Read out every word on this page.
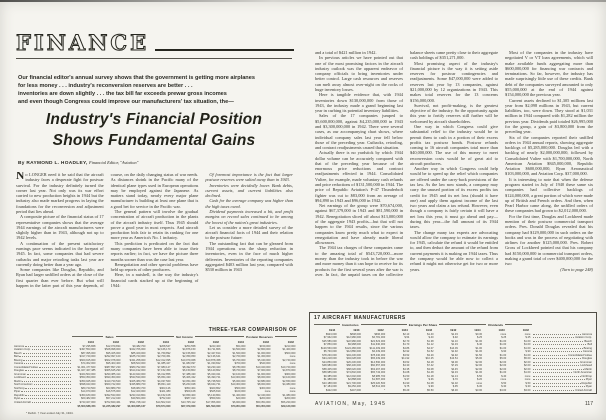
FINANCE
Our financial editor's annual survey shows that the government is getting more airplanes
for less money . . . industry's reconversion reserves are better . . .
inventories are down slightly . . . the tax bill far exceeds prewar gross incomes
and even though Congress could improve our manufacturers' tax situation, the—
Industry's Financial Position
Shows Fundamental Gains
By RAYMOND L. HOADLEY, Financial Editor, "Aviation"

No LONGER need it be said that the aircraft industry faces a desperate fight for postwar survival. For the industry definitely turned the corner last year. Not only was its war effort carried to new production heights in 1944 but the industry also made marked progress in laying the foundations for the reconversion and adjustment period that lies ahead.

A composite picture of the financial status of 17 representative companies shows that the average 1944 earnings of the aircraft manufacturers were slightly higher than in 1943, although not up to 1942 levels.

A continuation of the present satisfactory earnings pace seems indicated in the forepart of 1945. In fact, some companies that had severe cutbacks and major retooling tasks last year are currently doing better than a year ago.

Some companies like Douglas, Republic, and Ryan had larger unfilled orders at the close of the first quarter than ever before. But what will happen in the latter part of this year depends, of course, on the daily changing status of war needs. As distances shrink in the Pacific many of the identical plane types used in European operations may be employed against the Japanese. As matters stand today, nearly every major plane manufacturer is building at least one plane that is a good bet for service in the Pacific war.

The general pattern will involve the gradual concentration of aircraft production in the plants of the aircraft industry itself. Thus 1945 should prove a good year in most respects. And aircraft production bids fair to retain its ranking for one more year as America's No. 1 industry.

This prediction is predicated on the fact that many companies have been able to issue their reports earlier; in fact, we have the picture three months sooner than was the case last year.

Renegotiation and other special problems have held up reports of other producers.

Here, in a nutshell, is the way the industry's financial cards stacked up at the beginning of 1944:

Of foremost importance is the fact that larger postwar reserves were salted away than in 1943.

Inventories were decidedly lower. Bank debts, current assets, and current liabilities also declined.

Cash for the average company was higher than the high taxes owed.

Dividend payments increased a bit, and profit margins on record sales continued to be among the lowest of the nation's great industries.

Let us consider a more detailed survey of the aircraft financial facts of 1944 and their relation to the postwar future:

The outstanding fact that can be gleaned from 1944 operations was the sharp reduction in inventories, even in the face of much higher deliveries. Inventories of the reporting companies aggregated $403 million last year, compared with $530 million in 1943

THREE-YEAR COMPARISON OF
Sales	Net Income	Postwar Reserves
1944	1943	1942	1944	1943	1942	1944	1943	1942
Aeronca	$7,295,868	$12,079,834	$9,482,700	$268,547	$254,558	$243,400	$54,000	$159,000	$213,000
Aviation Corp.	$497,553,000	$528,998,000	$342,766,000	$2,166,170	$4,876,150	$4,711,806	$4,500,000	$2,800,000	$1,400,000
Beech	$87,395,000	$95,325,000	$85,329,000	$1,769,892	$2,156,800	$2,427,814	$1,500,000	$1,000,000	$500,000
Bell	$317,740,000	$292,997,100	$185,743,000	$2,709,451	$2,359,050	$2,136,641	$2,700,000	$1,300,000	none
Boeing	$600,915,000	$602,078,000	$431,258,000	$12,312,095	$10,079,068	$10,878,458	$6,700,000	$5,340,000	$2,740,000
Cessna	$74,362,000	$95,403,400	$68,523,000	$1,085,427	$1,083,097	$1,330,822	$700,000	$540,000	none
Consolidated Vultee	$1,061,477,600	$987,897,230	$680,792,000	$7,980,127	$8,492,673	$9,230,420	$8,780,000	$10,340,000	$10,740,000
Douglas	$1,027,407,485	$965,645,290	$614,192,000	$7,152,459	$6,150,803	$8,120,802	$8,700,000	$7,900,000	$4,870,000
Grumman	$324,503,000	$290,385,414	$143,943,000	$6,312,856	$7,488,430	$5,320,321	$3,100,000	$1,900,000	$960,000
Lockheed	$553,350,000	$690,450,000	$533,530,000	$5,954,430	$5,406,432	$6,490,721	$13,000,000	$8,000,000	$3,100,000
Martin	$350,945,000	$410,730,520	$325,389,750	$4,037,560	$3,054,450	$5,748,500	$5,000,000	$3,880,000	$2,650,000
North American	$698,043,000	$660,742,000	$435,889,700	$5,801,119	$5,263,028	$8,044,731	$10,300,000	$8,000,000	$4,380,000
Northrop	$80,743,500	$63,889,750	$38,083,700	$903,126	$953,404	$920,802	$500,000	$300,000	none
Piper	$14,970,000	$16,575,000	$12,320,000	$421,380	$509,108	$525,819	$100,000	none	none
Republic	$450,180,000	$392,533,000	$233,310,804	$4,152,108	$3,959,400	$5,130,804	$1,400,000	$2,340,000	$1,380,000
Ryan	$60,482,000	$57,212,040	$39,564,000	$752,040	$687,310	$559,664	$20,000	$200,000	$200,000
United Aircraft	$743,327,000	$702,840,461	$591,748,413	$14,502,910	$13,705,112	$17,056,000	$6,900,000	$50,354,000	$56,230,000
$5,600,688,453	$4,235,382,297	$3,300,865,167	$70,674,000	$67,379,000	$81,590,000	$73,954,000	$54,353,000	$29,130,000
* Deficit. † Year ended July 31, 1944.

and a total of $421 million in 1942.

In previous articles we have pointed out that one of the most promising factors in the aircraft industry outlook was the apparent endeavor of company officials to bring inventories under better control. Large cash resources and reserves can melt away almost over-night on the rocks of huge inventory losses.

Here is tangible evidence that, with 1944 inventories down $130,000,000 from those of 1943, the industry made a grand beginning last year in curbing its potential inventory liabilities.

Sales of the 17 companies jumped to $5,600,000,000, against $4,235,000,000 in 1943 and $3,300,000,000 in 1942. There were several cases, as our accompanying chart shows, where individual company sales last year fell below those of the preceding year. Cutbacks, retooling, and contract readjustments caused that situation.

Actually there is no yardstick by which 1944 dollar volume can be accurately compared with that of the preceding year because of the enormous price reductions and contract readjustments effected in 1944. Consolidated Vultee, for example, made voluntary cash refunds and price reductions of $131,500,000 in 1944. The price of Republic Aviation's P-47 Thunderbolt fighter was cut to $83,000 from an average of $94,890 in 1943 and $96,000 in 1942.

Net earnings of the group were $70,674,000, against $67,379,000 in 1943 and $81,590,000 in 1942. Renegotiation sliced off about $13,000,000 of the aggregate 1943 profits—but that will not happen to the 1944 results, since the various companies know pretty much what to expect in renegotiation and have already made liberal allowances.

The 1944 tax charges of these companies came to the amazing total of $543,720,000—more money than the industry took in before the war and more money than it can hope to receive for its products for the first several years after the war is over. In fact, the unpaid taxes on the collective balance sheets came pretty close to their aggregate cash holdings of $351,271,000.

Most promising aspect of the industry's financial picture is the way it is setting aside reserves for postwar contingencies and readjustments. Some $47,000,000 were added to reserves last year by 13 companies, against $21,000,000 by 12 organizations in 1943. This makes total reserves for the 13 concerns $156,000,000.

Survival, not profit-making, is the greatest objective of the industry. So the opportunity again this year to fortify reserves still further will be welcomed by aircraft shareholders.

One way in which Congress could give substantial relief to the industry would be to permit them to cash in a portion of their excess profits tax postwar bonds. Postwar refunds coming to 16 aircraft companies total more than $40,000,000. The use of this money to meet reconversion costs would be of great aid to aircraft producers.

Another way in which Congress could help would be to speed up the relief which companies are offered under the carry-back provisions of the tax law. As the law now stands, a company may carry the unused portion of its excess profits tax credit for 1945 and its net loss (should it have one) and apply them against income of the last two years and claim a tax refund. However, even though a company is fairly certain it will have a net loss this year, it must go ahead and pay—during this year—the full amount of its 1944 taxes.

The change many tax experts are advocating would allow the company to estimate its earnings for 1945, calculate the refund it would be entitled to, and then deduct the amount of the refund from current payments it is making on 1944 taxes. Thus the company would be able now to collect a refund it might not otherwise get for two or more years.

Most of the companies in the industry have negotiated V or VT loan agreements, which will make available funds aggregating more than $600,000,000 for financing war contracts and terminations. So far, however, the industry has made surprisingly little use of these credits. Bank debt of the companies surveyed amounted to only $55,000,000 at the end of 1944 against $154,000,000 the previous year.

Current assets declined to $1,305 millions last year from $2,098 millions in 1943, but current liabilities, too, were down. They stood at $1,031 million in 1944 compared with $1,282 million the previous year. Dividends paid totaled $26,995,000 for the group, a gain of $3,800,000 from the preceding year.

Six of the companies reported their unfilled orders in 1944 annual reports, showing aggregate backlogs of $5,285,000,000. Douglas led with a backlog of nearly $2,000,000,000, followed by Consolidated Vultee with $1,700,000,000, North American Aviation $845,000,000, Republic Aviation $600,000,000, Ryan Aeronautical $103,000,000, and Aviation Corp. $37,000,000.

It is interesting to note that when the defense program started in July of 1940 these same six companies had collective backlogs of $124,000,000, a great portion of which were made up of British and French orders. And then, when Pearl Harbor came along, the unfilled orders of these companies had grown to $2,012,000,000.

For the first time, Douglas and Lockheed made mention of their postwar commercial transport orders. Pres. Donald Douglas revealed that his company had $129,000,000 in such orders on the books and was in the process of negotiating with airlines for another $125,000,000. Pres. Robert Gross of Lockheed pointed out that his company had $150,000,000 in commercial transport orders, making a grand total of over $400,000,000 for the two

(Turn to page 248)

17 AIRCRAFT MANUFACTURERS
Inventories	Earnings Per Share	Dividends
1944	1943	1942	1944	1943	1942	1944	1943	1942
$923,000	$848,000	$696,000	$2.13	$1.40	$1.33	$0.30	none	none	Aeronca
$7,962,000	$12,980,000	$6,781,000	$.54	$.40	$.92	$.25	$.25	$.25	Aviation Corp.
$25,586,000	$22,980,000	$22,523,000	$2.70	$1.38	$1.10	$1.00	$1.00	$1.00	Beech
$7,850,000	$9,988,000	$11,630,000	$1.70	$1.12	$1.33	$.40	$1.00	$1.00	Bell
$129,560,000	$124,480,000	$111,409,000	$4.86	$4.07	$14.09	$1.00	$1.00	$1.00	Boeing
$5,730,000	$12,880,000	$6,439,000	$2.92	$1.52	$1.92	$1.00	$.90	$.90	Cessna
$78,230,000	$94,230,000	$78,430,000	$3.52	$3.29	$2.92	$1.50	$1.00	$1.00	Consolidated Vultee
$94,218,000	$94,028,000	$65,439,000	$11.92	$10.25	$13.54	$5.00	$5.00	$5.00	Douglas
$24,850,000	$26,230,000	$14,590,000	$3.52	$4.18	$3.00	$2.00	$2.00	$2.00	Grumman
$48,980,000	$68,430,000	$60,657,000	$4.30	$7.42	$7.29	$2.00	$2.00	$2.00	Lockheed
$58,405,000	$68,020,000	$63,267,000	$4.35	$3.08	$4.45	$2.00	$2.00	$2.00	Martin
$58,985,000	$74,802,000	$65,743,000	$1.68	$1.48	$2.33	$1.00	$1.00	$1.00	North American
$9,385,000	$12,002,000	$8,985,700	$1.50	$1.18	$1.13	$.50	$.40	none	Northrop
$1,388,000	$2,888,000	$1,587,000	$.37	$.36	$.70	$.20	none	none	Piper
$23,188,000	$21,700,000	$25,020,500	$1.90	$1.08	$1.02	none	$.50	$.50	Republic
$7,184,000	$9,250,200	$8,512,000	$.75	$.99	$.95	$.30	$.30	$.30	Ryan
$422,000	$447,000	*	$5.29	$5.50	$6.30	$3.00	$3.00	$3.00	United Aircraft
AVIATION, May, 1945	117
